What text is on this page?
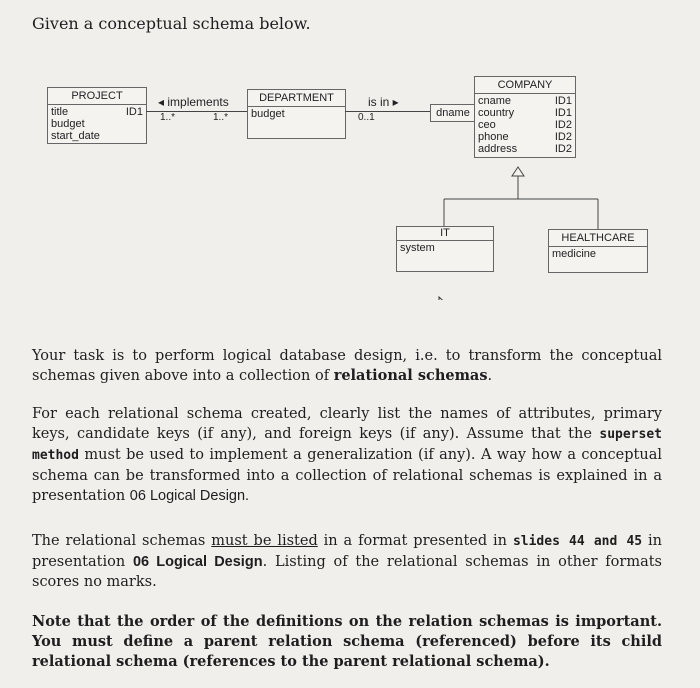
Given a conceptual schema below.
PROJECT
title	ID1
budget
start_date
◂ implements
1..*	1..*
DEPARTMENT
budget
is in ▸
0..1	dname
COMPANY
cname	ID1
country	ID1
ceo	ID2
phone	ID2
address	ID2
IT
system
HEALTHCARE
medicine
Your task is to perform logical database design, i.e. to transform the conceptual schemas given above into a collection of relational schemas.
For each relational schema created, clearly list the names of attributes, primary keys, candidate keys (if any), and foreign keys (if any). Assume that the superset method must be used to implement a generalization (if any). A way how a conceptual schema can be transformed into a collection of relational schemas is explained in a presentation 06 Logical Design.
The relational schemas must be listed in a format presented in slides 44 and 45 in presentation 06 Logical Design. Listing of the relational schemas in other formats scores no marks.
Note that the order of the definitions on the relation schemas is important. You must define a parent relation schema (referenced) before its child relational schema (references to the parent relational schema).
